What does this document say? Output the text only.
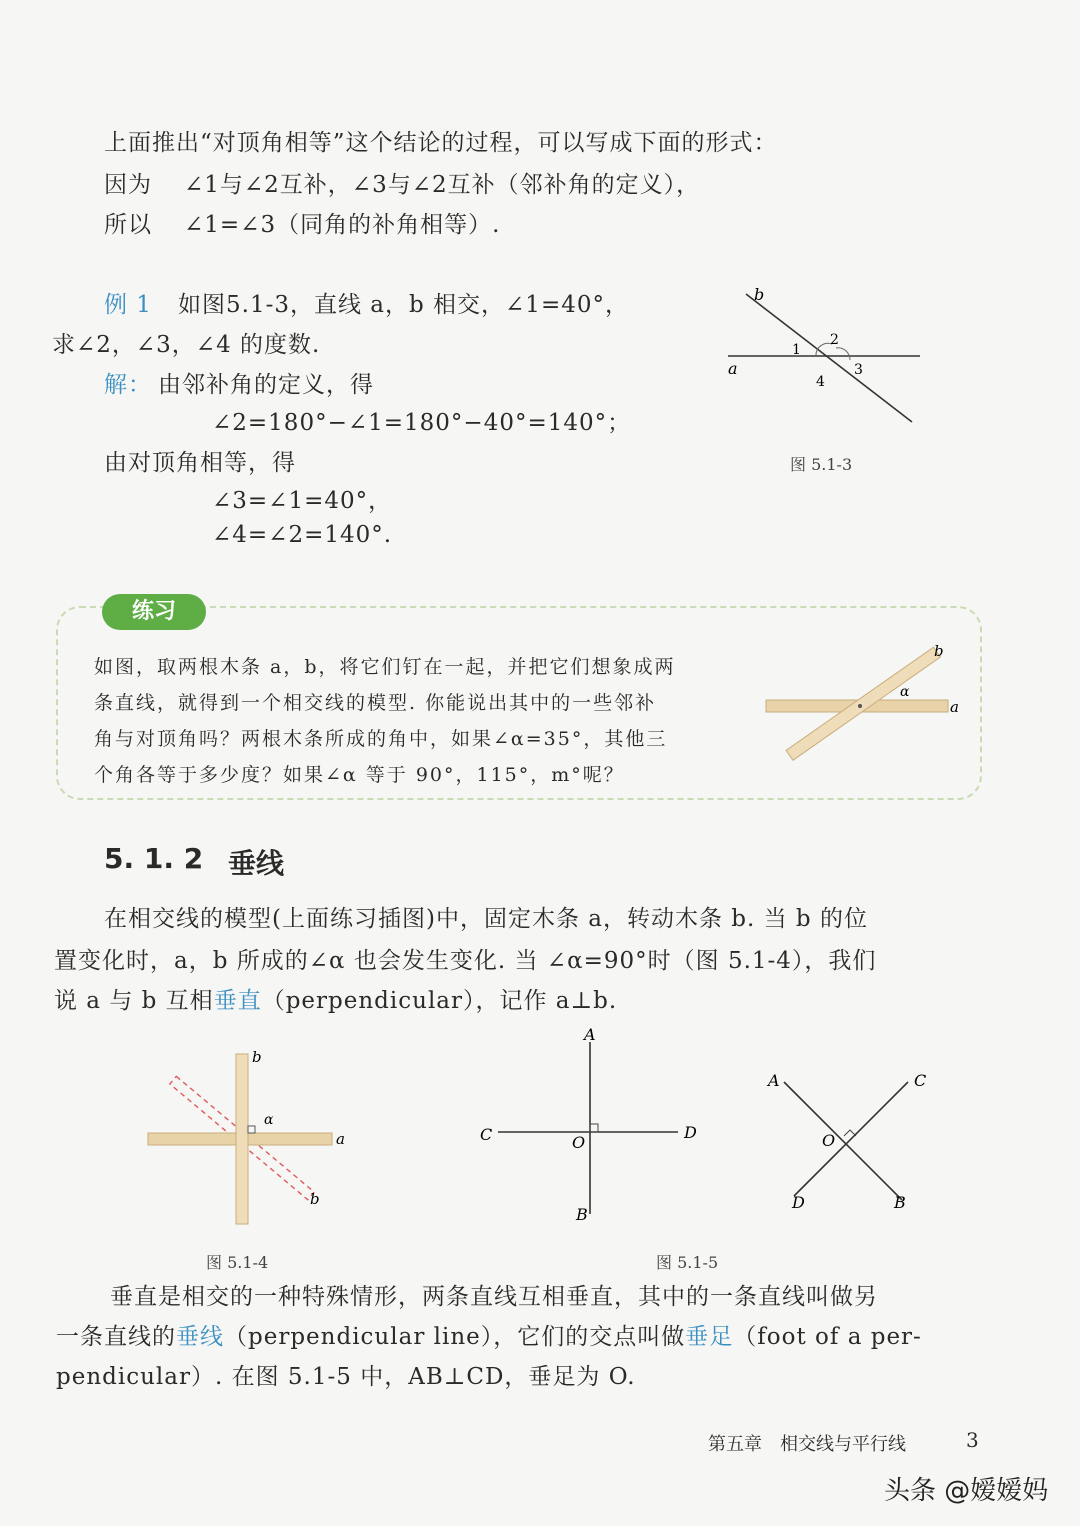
上面推出“对顶角相等”这个结论的过程，可以写成下面的形式：
因为 ∠1与∠2互补，∠3与∠2互补（邻补角的定义），
所以 ∠1=∠3（同角的补角相等）.
例 1 如图5.1-3，直线 a，b 相交，∠1=40°，
求∠2，∠3，∠4 的度数.
解： 由邻补角的定义，得
∠2=180°−∠1=180°−40°=140°；
由对顶角相等，得
∠3=∠1=40°，
∠4=∠2=140°.
b
a
1
2
3
4
图 5.1-3
练习
如图，取两根木条 a，b，将它们钉在一起，并把它们想象成两
条直线，就得到一个相交线的模型. 你能说出其中的一些邻补
角与对顶角吗？两根木条所成的角中，如果∠α=35°，其他三
个角各等于多少度？如果∠α 等于 90°，115°，m°呢？
b
a
α
5. 1. 2 垂线
在相交线的模型(上面练习插图)中，固定木条 a，转动木条 b. 当 b 的位
置变化时，a，b 所成的∠α 也会发生变化. 当 ∠α=90°时（图 5.1-4），我们
说 a 与 b 互相垂直（perpendicular），记作 a⊥b.
b
a
α
b
图 5.1-4
A
B
C	D
O
图 5.1-5
A	C
D	B
O
垂直是相交的一种特殊情形，两条直线互相垂直，其中的一条直线叫做另
一条直线的垂线（perpendicular line），它们的交点叫做垂足（foot of a per-
pendicular）. 在图 5.1-5 中，AB⊥CD，垂足为 O.
第五章　相交线与平行线	3
头条 @嫒嫒妈
